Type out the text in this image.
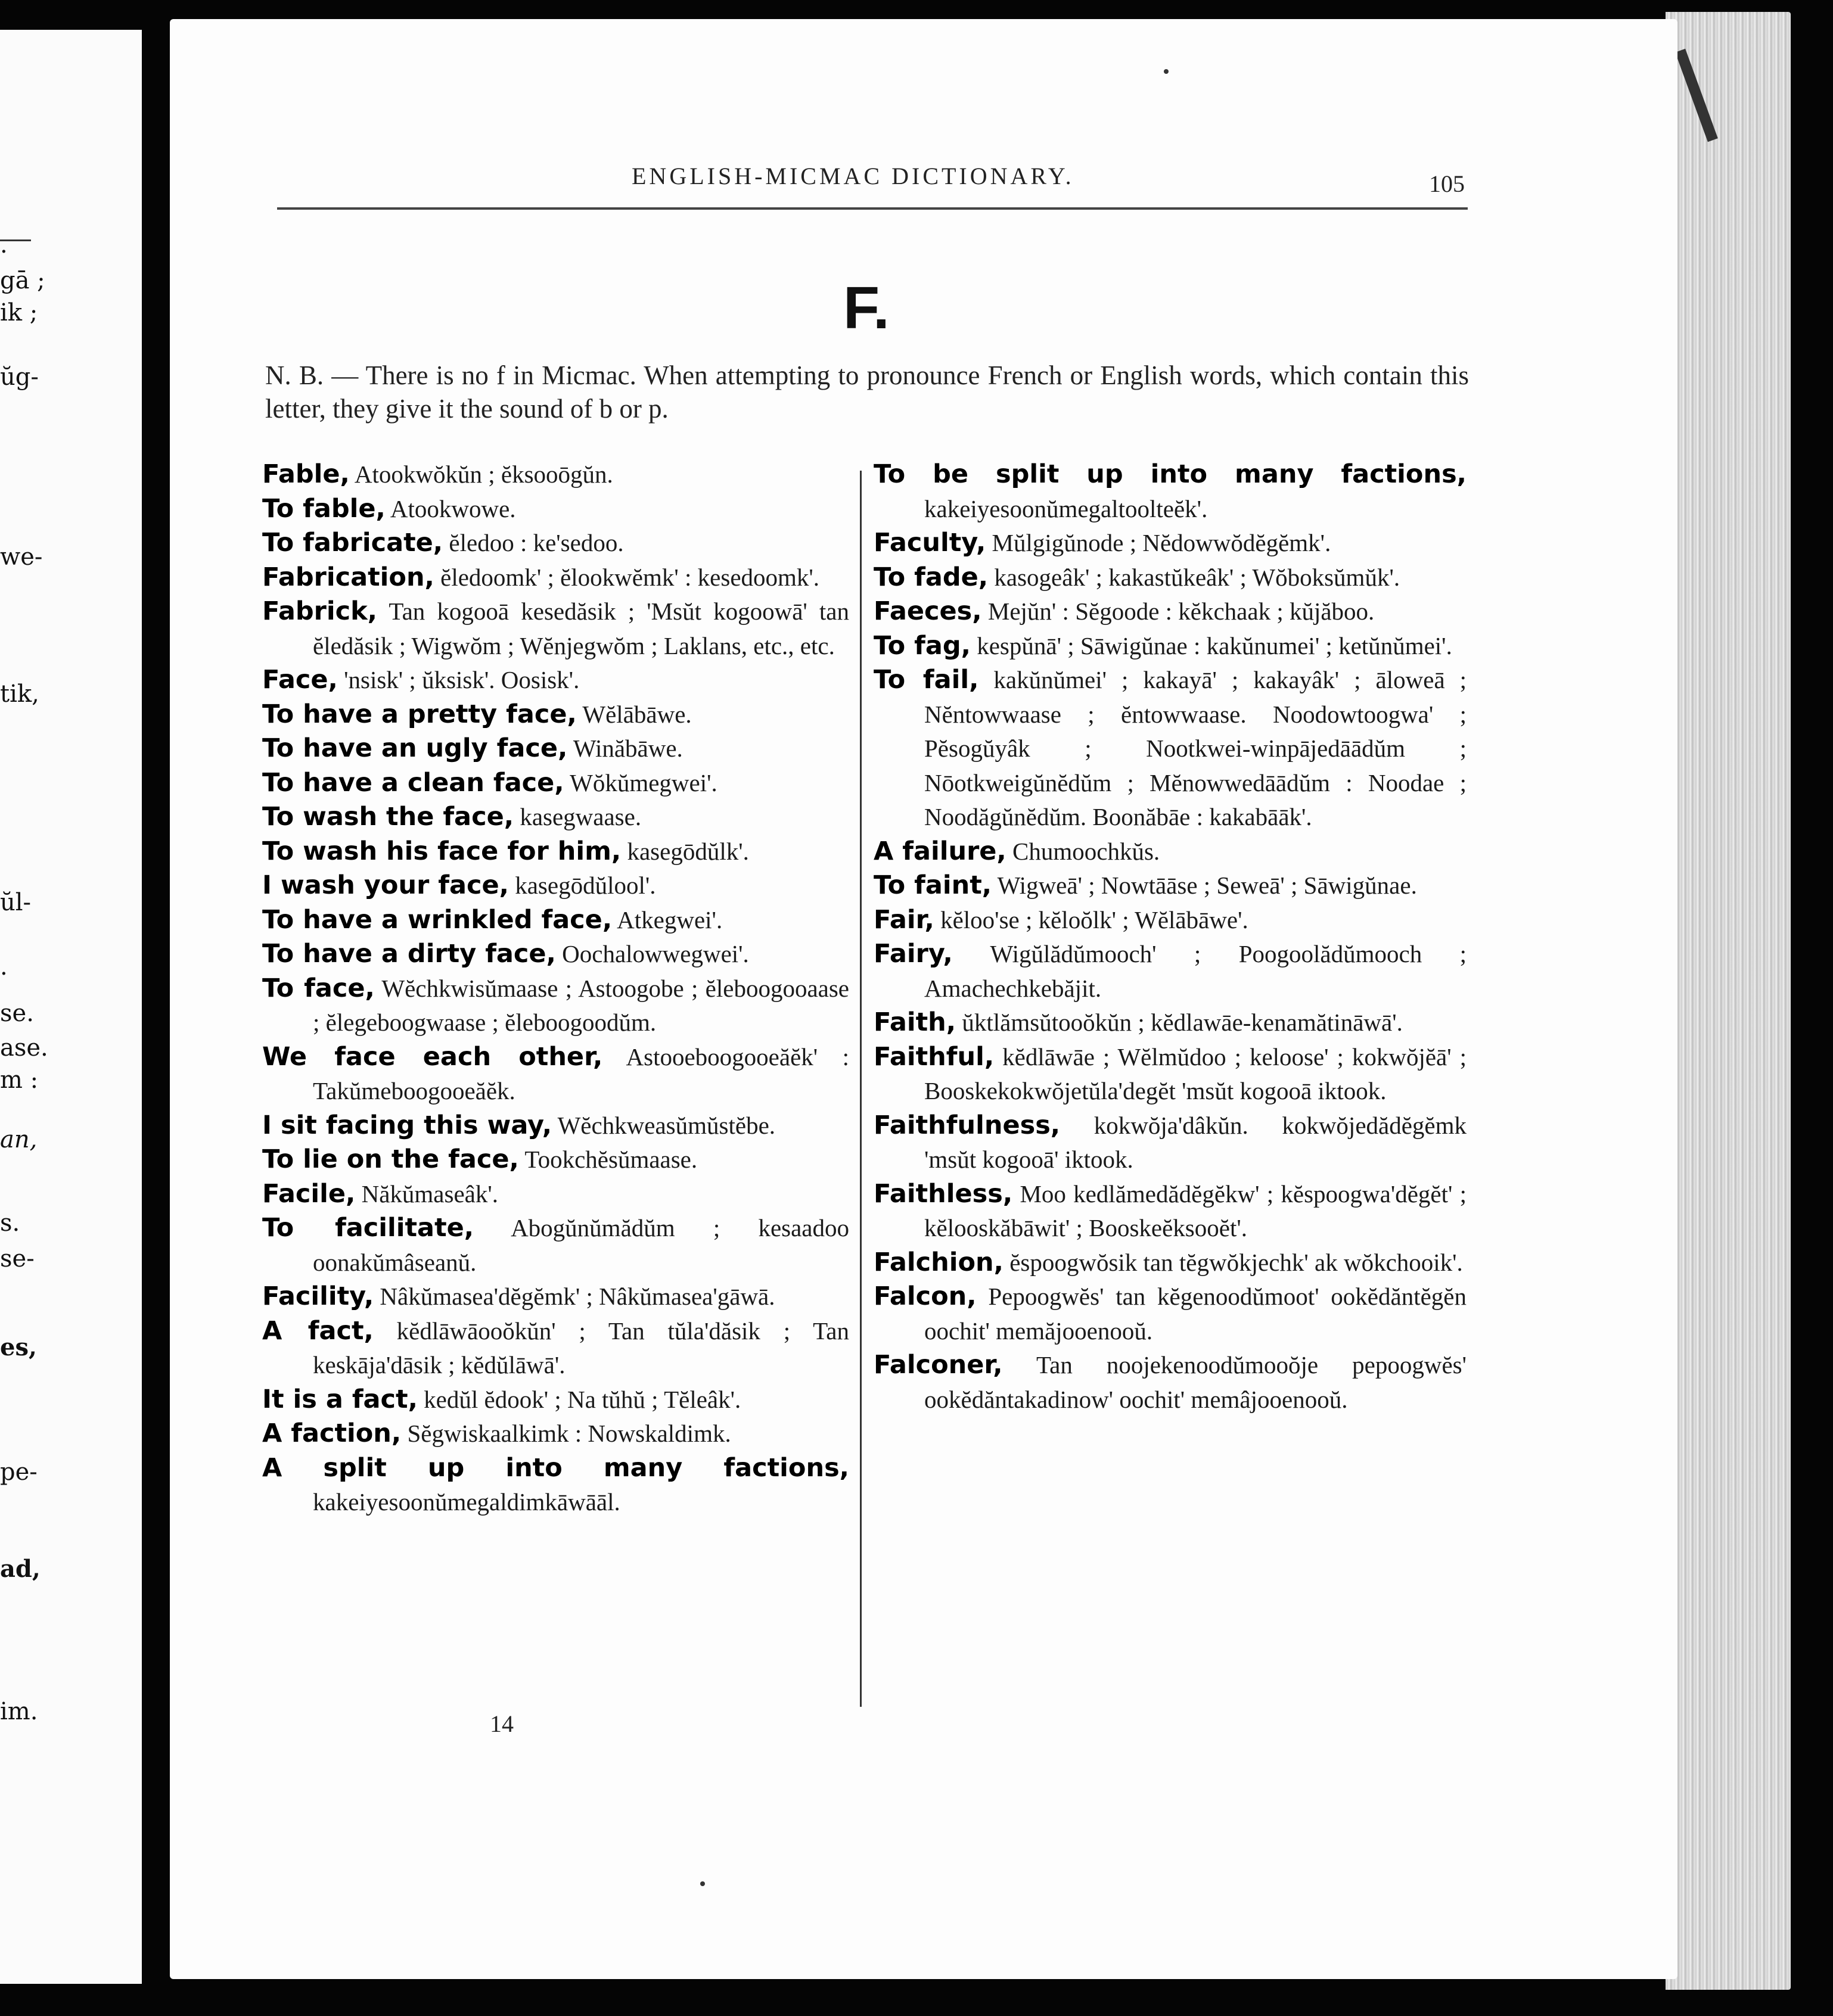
.
gā ;
ik ;
ŭg-
we-
tik,
ŭl-
.
se.
ase.
m :
an,
s.
se-
es,
pe-
ad,
im.
ENGLISH-MICMAC DICTIONARY.	105
F.
N. B. — There is no f in Micmac. When attempting to pronounce French or English words, which contain this letter, they give it the sound of b or p.
Fable, Atookwŏkŭn ; ĕksooōgŭn.
To fable, Atookwowe.
To fabricate, ĕledoo : ke'sedoo.
Fabrication, ĕledoomk' ; ĕlookwĕmk' : kesedoomk'.
Fabrick, Tan kogooā kesedăsik ; 'Msŭt kogoowā' tan ĕledăsik ; Wigwŏm ; Wĕnjegwŏm ; Laklans, etc., etc.
Face, 'nsisk' ; ŭksisk'. Oosisk'.
To have a pretty face, Wĕlābāwe.
To have an ugly face, Winăbāwe.
To have a clean face, Wŏkŭmegwei'.
To wash the face, kasegwaase.
To wash his face for him, kasegōdŭlk'.
I wash your face, kasegōdŭlool'.
To have a wrinkled face, Atkegwei'.
To have a dirty face, Oochalowwegwei'.
To face, Wĕchkwisŭmaase ; Astoogobe ; ĕleboogooaase ; ĕlegeboogwaase ; ĕleboogoodŭm.
We face each other, Astooeboogooeăĕk' : Takŭmeboogooeăĕk.
I sit facing this way, Wĕchkweasŭmŭstĕbe.
To lie on the face, Tookchĕsŭmaase.
Facile, Năkŭmaseâk'.
To facilitate, Abogŭnŭmădŭm ; kesaadoo oonakŭmâseanŭ.
Facility, Nâkŭmasea'dĕgĕmk' ; Nâkŭmasea'gāwā.
A fact, kĕdlāwāooŏkŭn' ; Tan tŭla'dăsik ; Tan keskāja'dāsik ; kĕdŭlāwā'.
It is a fact, kedŭl ĕdook' ; Na tŭhŭ ; Tĕleâk'.
A faction, Sĕgwiskaalkimk : Nowskaldimk.
A split up into many factions, kakeiyesoonŭmegaldimkāwāāl.
To be split up into many factions, kakeiyesoonŭmegaltoolteĕk'.
Faculty, Mŭlgigŭnode ; Nĕdowwŏdĕgĕmk'.
To fade, kasogeâk' ; kakastŭkeâk' ; Wŏboksŭmŭk'.
Faeces, Mejŭn' : Sĕgoode : kĕkchaak ; kŭjăboo.
To fag, kespŭnā' ; Sāwigŭnae : kakŭnumei' ; ketŭnŭmei'.
To fail, kakŭnŭmei' ; kakayā' ; kakayâk' ; āloweā ; Nĕntowwaase ; ĕntowwaase. Noodowtoogwa' ; Pĕsogŭyâk ; Nootkwei-winpājedāādŭm ; Nōotkweigŭnĕdŭm ; Mĕnowwedāādŭm : Noodae ; Noodăgŭnĕdŭm. Boonăbāe : kakabāāk'.
A failure, Chumoochkŭs.
To faint, Wigweā' ; Nowtāāse ; Seweā' ; Sāwigŭnae.
Fair, kĕloo'se ; kĕloŏlk' ; Wĕlābāwe'.
Fairy, Wigŭlădŭmooch' ; Poogoolădŭmooch ; Amachechkebăjit.
Faith, ŭktlămsŭtooŏkŭn ; kĕdlawāe-kenamătināwā'.
Faithful, kĕdlāwāe ; Wĕlmŭdoo ; keloose' ; kokwŏjĕā' ; Booskekokwŏjetŭla'degĕt 'msŭt kogooā iktook.
Faithfulness, kokwŏja'dâkŭn. kokwŏjedădĕgĕmk 'msŭt kogooā' iktook.
Faithless, Moo kedlămedădĕgĕkw' ; kĕspoogwa'dĕgĕt' ; kĕlooskăbāwit' ; Booskeĕksooĕt'.
Falchion, ĕspoogwŏsik tan tĕgwŏkjechk' ak wŏkchooik'.
Falcon, Pepoogwĕs' tan kĕgenoodŭmoot' ookĕdăntĕgĕn oochit' memăjooenooŭ.
Falconer, Tan noojekenoodŭmooŏje pepoogwĕs' ookĕdăntakadinow' oochit' memâjooenooŭ.
14
